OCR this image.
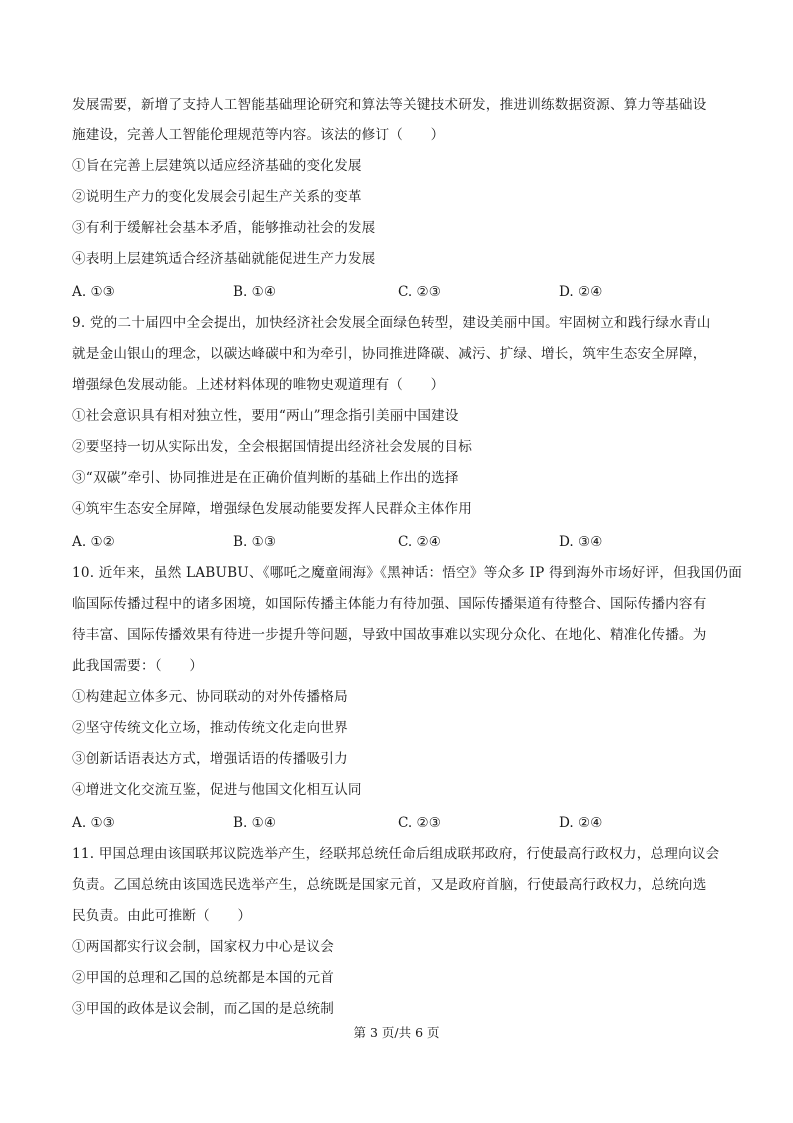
发展需要，新增了支持人工智能基础理论研究和算法等关键技术研发，推进训练数据资源、算力等基础设
施建设，完善人工智能伦理规范等内容。该法的修订（　　）
①旨在完善上层建筑以适应经济基础的变化发展
②说明生产力的变化发展会引起生产关系的变革
③有利于缓解社会基本矛盾，能够推动社会的发展
④表明上层建筑适合经济基础就能促进生产力发展
A. ①③	B. ①④	C. ②③	D. ②④
9. 党的二十届四中全会提出，加快经济社会发展全面绿色转型，建设美丽中国。牢固树立和践行绿水青山
就是金山银山的理念，以碳达峰碳中和为牵引，协同推进降碳、减污、扩绿、增长，筑牢生态安全屏障，
增强绿色发展动能。上述材料体现的唯物史观道理有（　　）
①社会意识具有相对独立性，要用“两山”理念指引美丽中国建设
②要坚持一切从实际出发，全会根据国情提出经济社会发展的目标
③“双碳”牵引、协同推进是在正确价值判断的基础上作出的选择
④筑牢生态安全屏障，增强绿色发展动能要发挥人民群众主体作用
A. ①②	B. ①③	C. ②④	D. ③④
10. 近年来，虽然 LABUBU、《哪吒之魔童闹海》《黑神话：悟空》等众多 IP 得到海外市场好评，但我国仍面
临国际传播过程中的诸多困境，如国际传播主体能力有待加强、国际传播渠道有待整合、国际传播内容有
待丰富、国际传播效果有待进一步提升等问题，导致中国故事难以实现分众化、在地化、精准化传播。为
此我国需要：（　　）
①构建起立体多元、协同联动的对外传播格局
②坚守传统文化立场，推动传统文化走向世界
③创新话语表达方式，增强话语的传播吸引力
④增进文化交流互鉴，促进与他国文化相互认同
A. ①③	B. ①④	C. ②③	D. ②④
11. 甲国总理由该国联邦议院选举产生，经联邦总统任命后组成联邦政府，行使最高行政权力，总理向议会
负责。乙国总统由该国选民选举产生，总统既是国家元首，又是政府首脑，行使最高行政权力，总统向选
民负责。由此可推断（　　）
①两国都实行议会制，国家权力中心是议会
②甲国的总理和乙国的总统都是本国的元首
③甲国的政体是议会制，而乙国的是总统制
第 3 页/共 6 页
